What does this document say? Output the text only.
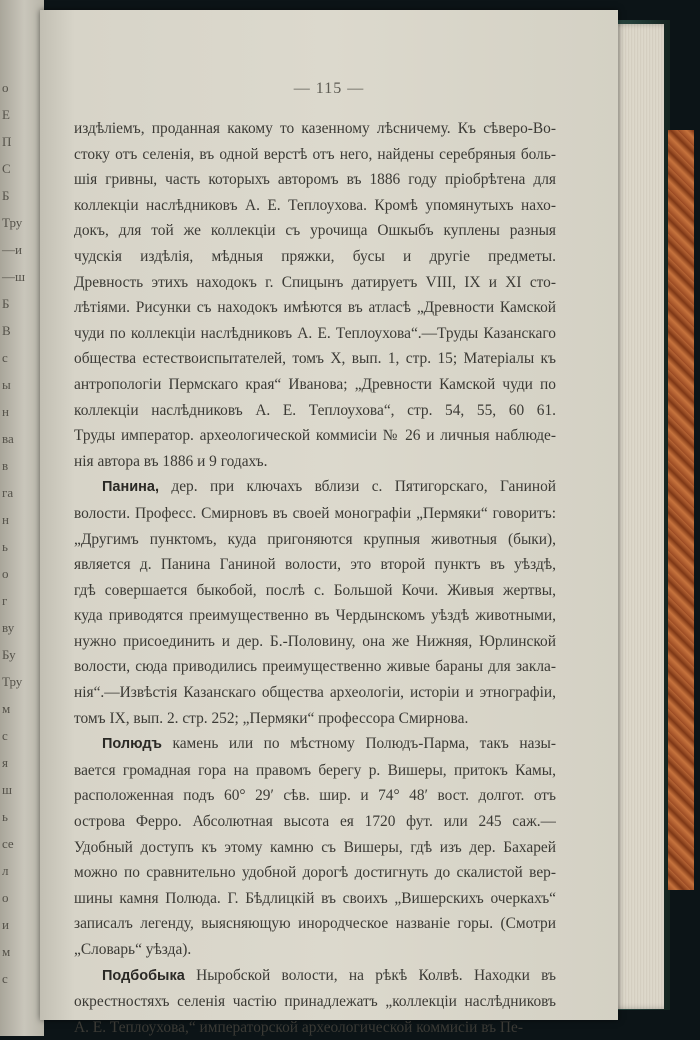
о
Е
П
С
Б
Тру
—и
—ш
Б
В
с
ы
н
ва
в
га
н
ь
о
г
ву
Бу
Тру
м
с
я
ш
ь
се
л
о
и
м
с
— 115 —
издѣлiемъ, проданная какому то казенному лѣсничему. Къ сѣверо-Во-
стоку отъ селенiя, въ одной верстѣ отъ него, найдены серебряныя боль-
шiя гривны, часть которыхъ авторомъ въ 1886 году прiобрѣтена для
коллекцiи наслѣдниковъ А. Е. Теплоухова. Кромѣ упомянутыхъ нахо-
докъ, для той же коллекцiи съ урочища Ошкыбъ куплены разныя
чудскiя издѣлiя, мѣдныя пряжки, бусы и другiе предметы.
Древность этихъ находокъ г. Спицынъ датируетъ VIII, IX и XI сто-
лѣтiями. Рисунки съ находокъ имѣются въ атласѣ „Древности Камской
чуди по коллекцiи наслѣдниковъ А. Е. Теплоухова“.—Труды Казанскаго
общества естествоиспытателей, томъ X, вып. 1, стр. 15; Матерiалы къ
антропологiи Пермскаго края“ Иванова; „Древности Камской чуди по
коллекцiи наслѣдниковъ А. Е. Теплоухова“, стр. 54, 55, 60 61.
Труды император. археологической коммисiи № 26 и личныя наблюде-
нiя автора въ 1886 и 9 годахъ.
Панина, дер. при ключахъ вблизи с. Пятигорскаго, Ганиной
волости. Професс. Смирновъ въ своей монографiи „Пермяки“ говоритъ:
„Другимъ пунктомъ, куда пригоняются крупныя животныя (быки),
является д. Панина Ганиной волости, это второй пунктъ въ уѣздѣ,
гдѣ совершается быкобой, послѣ с. Большой Кочи. Живыя жертвы,
куда приводятся преимущественно въ Чердынскомъ уѣздѣ животными,
нужно присоединить и дер. Б.-Половину, она же Нижняя, Юрлинской
волости, сюда приводились преимущественно живые бараны для закла-
нiя“.—Извѣстiя Казанскаго общества археологiи, исторiи и этнографiи,
томъ IX, вып. 2. стр. 252; „Пермяки“ профессора Смирнова.
Полюдъ камень или по мѣстному Полюдъ-Парма, такъ назы-
вается громадная гора на правомъ берегу р. Вишеры, притокъ Камы,
расположенная подъ 60° 29′ сѣв. шир. и 74° 48′ вост. долгот. отъ
острова Ферро. Абсолютная высота ея 1720 фут. или 245 саж.—
Удобный доступъ къ этому камню съ Вишеры, гдѣ изъ дер. Бахарей
можно по сравнительно удобной дорогѣ достигнуть до скалистой вер-
шины камня Полюда. Г. Бѣдлицкiй въ своихъ „Вишерскихъ очеркахъ“
записалъ легенду, выясняющую инородческое названiе горы. (Смотри
„Словарь“ уѣзда).
Подбобыка Ныробской волости, на рѣкѣ Колвѣ. Находки въ
окрестностяхъ селенiя частiю принадлежатъ „коллекцiи наслѣдниковъ
А. Е. Теплоухова,“ императорской археологической коммисiи въ Пе-
